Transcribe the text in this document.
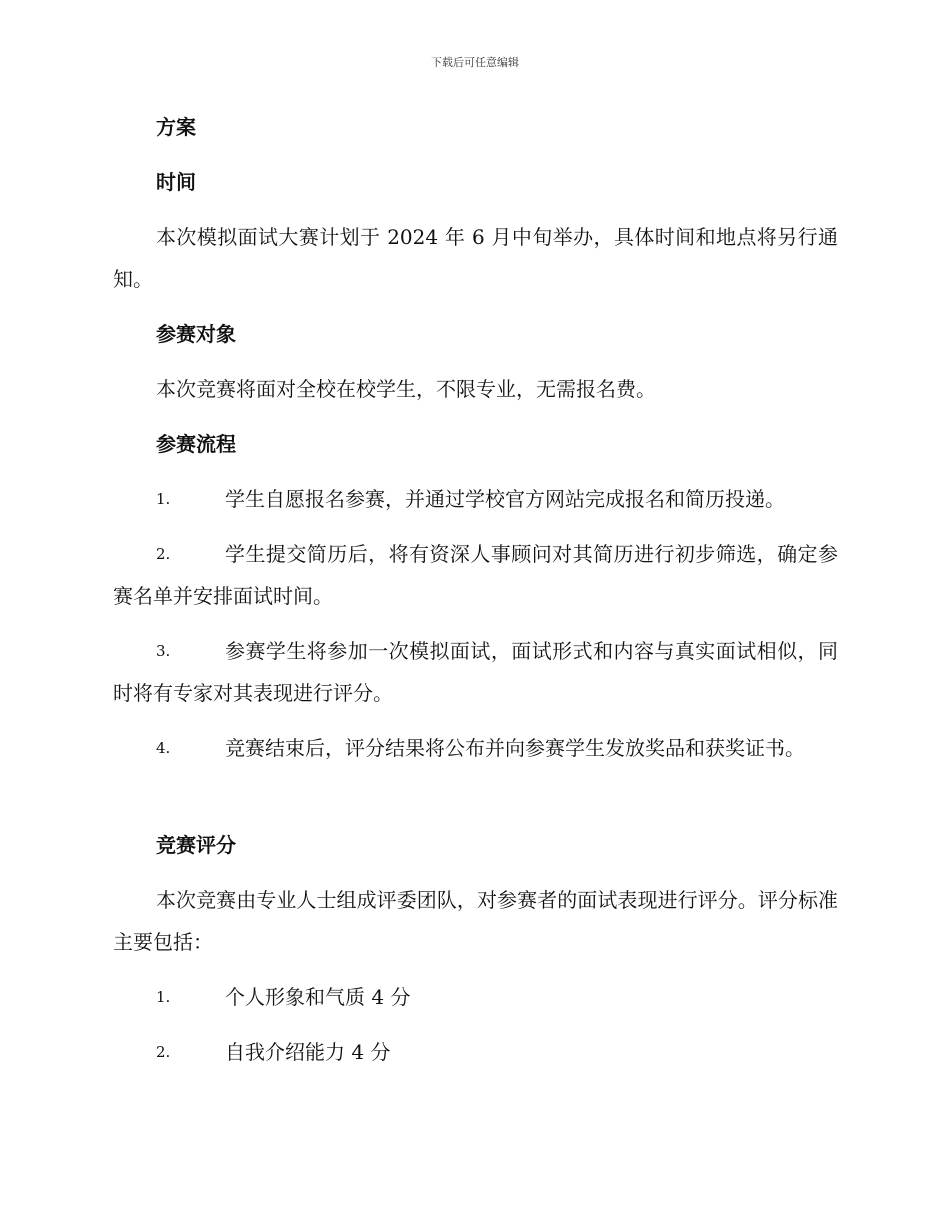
下载后可任意编辑
方案
时间
本次模拟面试大赛计划于 2024 年 6 月中旬举办，具体时间和地点将另行通知。
参赛对象
本次竞赛将面对全校在校学生，不限专业，无需报名费。
参赛流程
1.	学生自愿报名参赛，并通过学校官方网站完成报名和简历投递。
2.	学生提交简历后，将有资深人事顾问对其简历进行初步筛选，确定参赛名单并安排面试时间。
3.	参赛学生将参加一次模拟面试，面试形式和内容与真实面试相似，同时将有专家对其表现进行评分。
4.	竞赛结束后，评分结果将公布并向参赛学生发放奖品和获奖证书。
竞赛评分
本次竞赛由专业人士组成评委团队，对参赛者的面试表现进行评分。评分标准主要包括：
1.	个人形象和气质 4 分
2.	自我介绍能力 4 分
